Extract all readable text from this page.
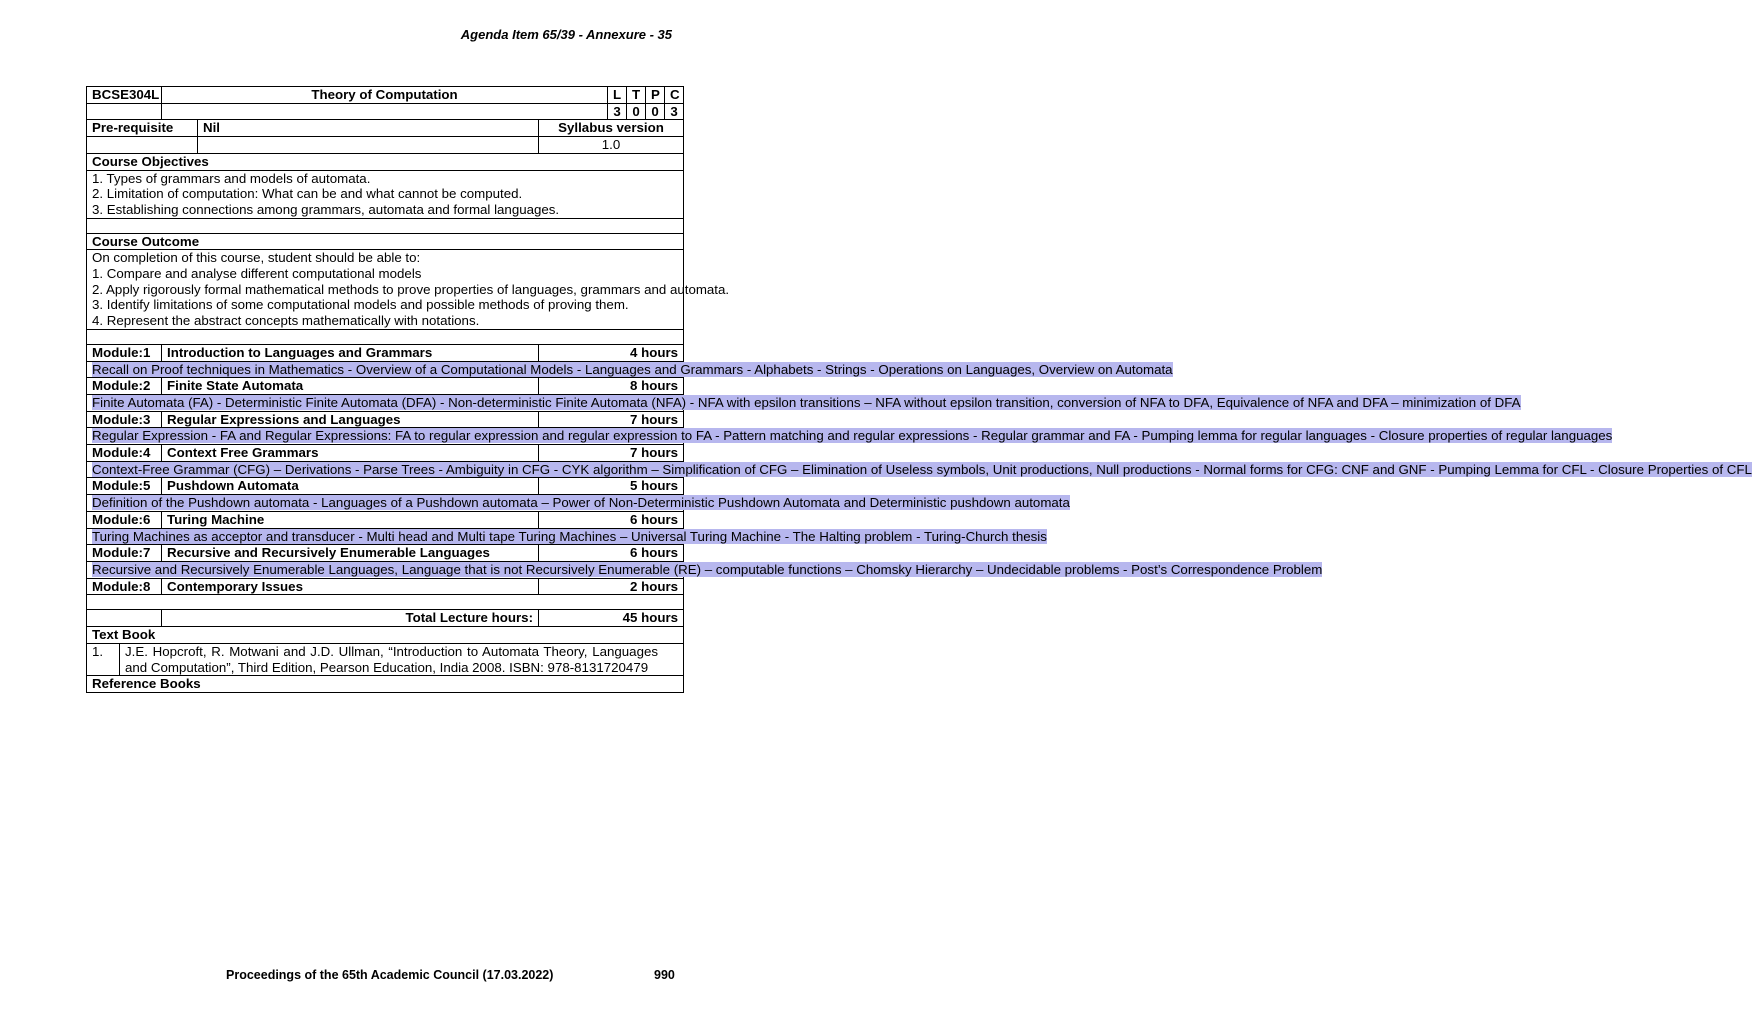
Agenda Item 65/39 - Annexure - 35
BCSE304L	Theory of Computation	L	T	P	C
		3	0	0	3
Pre-requisite	Nil	Syllabus version
		1.0
Course Objectives

1. Types of grammars and models of automata.
2. Limitation of computation: What can be and what cannot be computed.
3. Establishing connections among grammars, automata and formal languages.

Course Outcome

On completion of this course, student should be able to:
1. Compare and analyse different computational models
2. Apply rigorously formal mathematical methods to prove properties of languages, grammars and automata.
3. Identify limitations of some computational models and possible methods of proving them.
4. Represent the abstract concepts mathematically with notations.

Module:1	Introduction to Languages and Grammars	4 hours
Recall on Proof techniques in Mathematics - Overview of a Computational Models - Languages and Grammars - Alphabets - Strings - Operations on Languages, Overview on Automata
Module:2	Finite State Automata	8 hours
Finite Automata (FA) - Deterministic Finite Automata (DFA) - Non-deterministic Finite Automata (NFA) - NFA with epsilon transitions – NFA without epsilon transition, conversion of NFA to DFA, Equivalence of NFA and DFA – minimization of DFA
Module:3	Regular Expressions and Languages	7 hours
Regular Expression - FA and Regular Expressions: FA to regular expression and regular expression to FA - Pattern matching and regular expressions - Regular grammar and FA - Pumping lemma for regular languages - Closure properties of regular languages
Module:4	Context Free Grammars	7 hours
Context-Free Grammar (CFG) – Derivations - Parse Trees - Ambiguity in CFG - CYK algorithm – Simplification of CFG – Elimination of Useless symbols, Unit productions, Null productions - Normal forms for CFG: CNF and GNF - Pumping Lemma for CFL - Closure Properties of CFL
Module:5	Pushdown Automata	5 hours
Definition of the Pushdown automata - Languages of a Pushdown automata – Power of Non-Deterministic Pushdown Automata and Deterministic pushdown automata
Module:6	Turing Machine	6 hours
Turing Machines as acceptor and transducer - Multi head and Multi tape Turing Machines – Universal Turing Machine - The Halting problem - Turing-Church thesis
Module:7	Recursive and Recursively Enumerable Languages	6 hours
Recursive and Recursively Enumerable Languages, Language that is not Recursively Enumerable (RE) – computable functions – Chomsky Hierarchy – Undecidable problems - Post’s Correspondence Problem
Module:8	Contemporary Issues	2 hours

	Total Lecture hours:	45 hours
Text Book

1.	J.E. Hopcroft, R. Motwani and J.D. Ullman, “Introduction to Automata Theory, Languages and Computation”, Third Edition, Pearson Education, India 2008. ISBN: 978-8131720479

Reference Books
Proceedings of the 65th Academic Council (17.03.2022)	990
